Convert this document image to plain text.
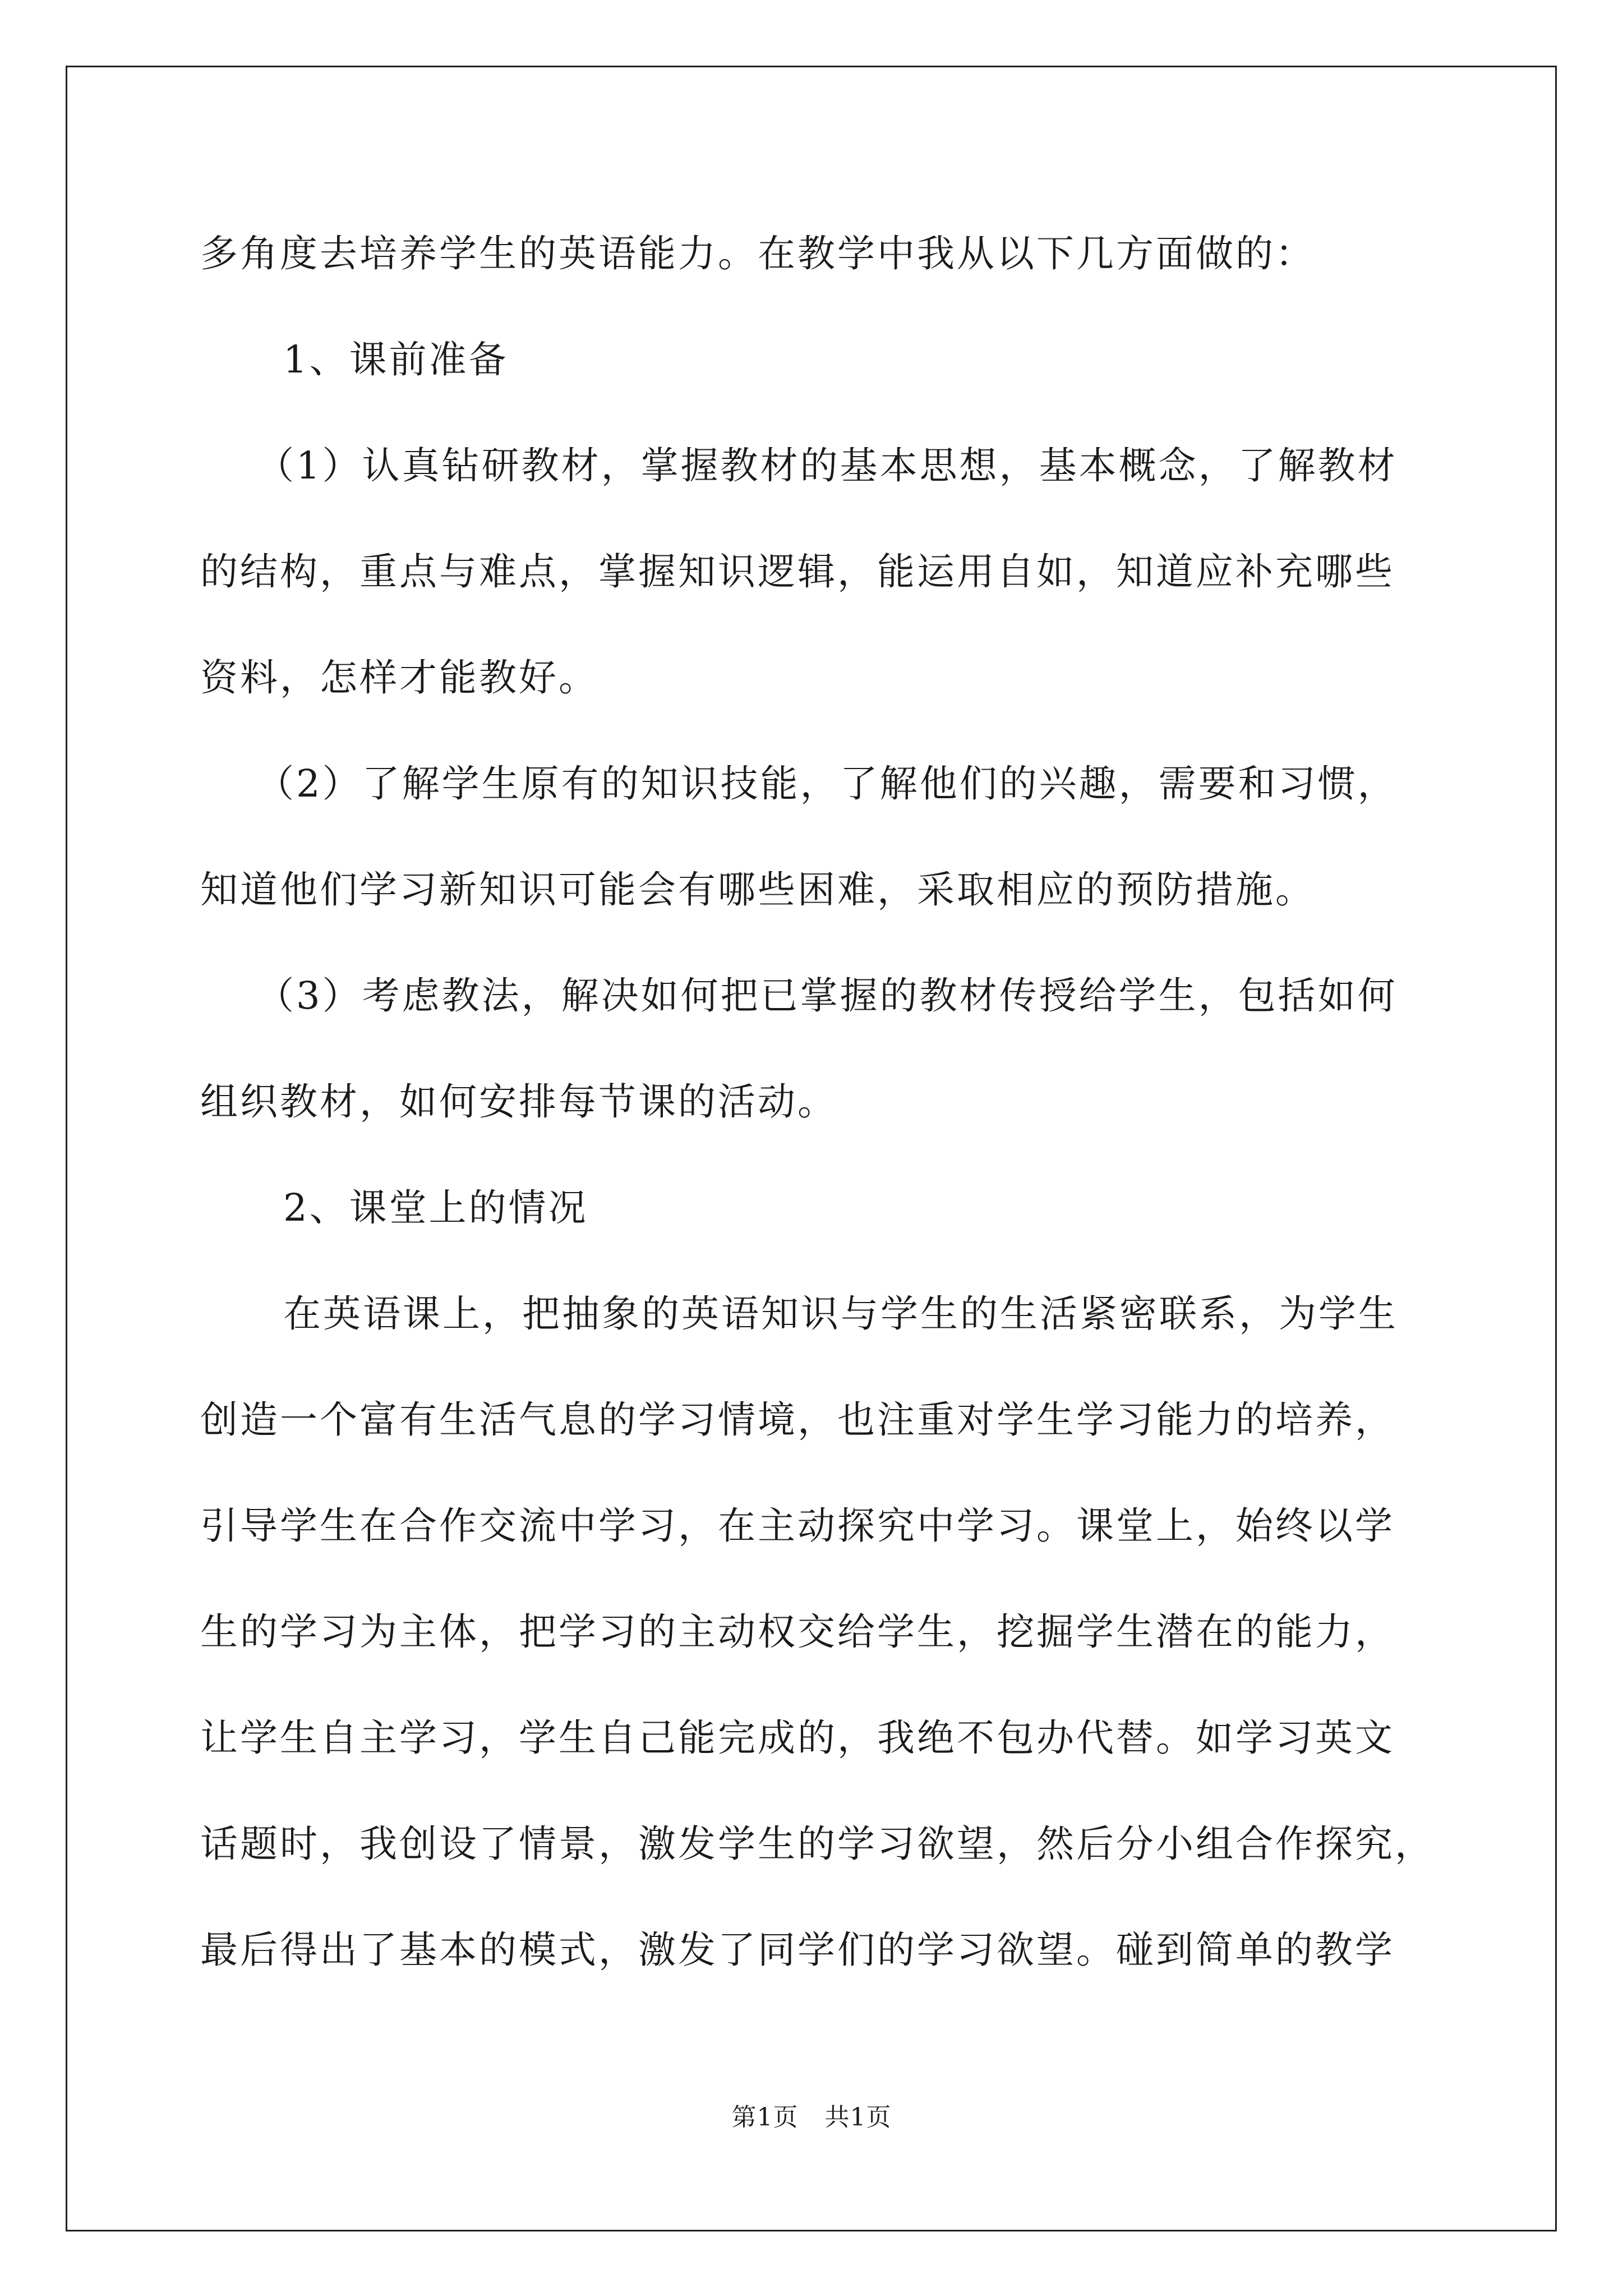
多角度去培养学生的英语能力。在教学中我从以下几方面做的：
1、课前准备
（1）认真钻研教材，掌握教材的基本思想，基本概念，了解教材
的结构，重点与难点，掌握知识逻辑，能运用自如，知道应补充哪些
资料，怎样才能教好。
（2）了解学生原有的知识技能，了解他们的兴趣，需要和习惯，
知道他们学习新知识可能会有哪些困难，采取相应的预防措施。
（3）考虑教法，解决如何把已掌握的教材传授给学生，包括如何
组织教材，如何安排每节课的活动。
2、课堂上的情况
在英语课上，把抽象的英语知识与学生的生活紧密联系，为学生
创造一个富有生活气息的学习情境，也注重对学生学习能力的培养，
引导学生在合作交流中学习，在主动探究中学习。课堂上，始终以学
生的学习为主体，把学习的主动权交给学生，挖掘学生潜在的能力，
让学生自主学习，学生自己能完成的，我绝不包办代替。如学习英文
话题时，我创设了情景，激发学生的学习欲望，然后分小组合作探究，
最后得出了基本的模式，激发了同学们的学习欲望。碰到简单的教学
第1页 共1页
